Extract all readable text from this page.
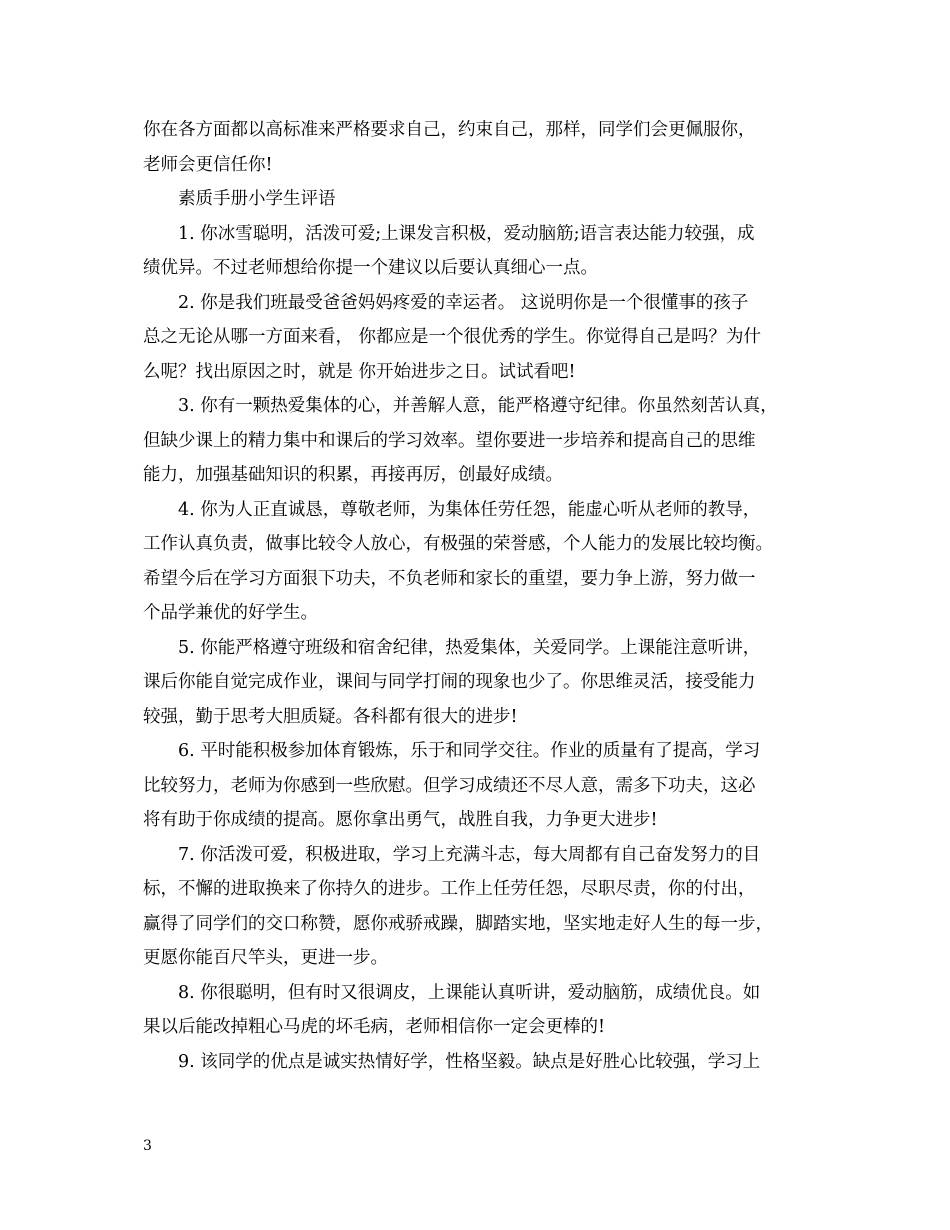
你在各方面都以高标准来严格要求自己，约束自己，那样，同学们会更佩服你，
老师会更信任你!
素质手册小学生评语
1. 你冰雪聪明，活泼可爱;上课发言积极，爱动脑筋;语言表达能力较强，成
绩优异。不过老师想给你提一个建议以后要认真细心一点。
2. 你是我们班最受爸爸妈妈疼爱的幸运者。 这说明你是一个很懂事的孩子
总之无论从哪一方面来看， 你都应是一个很优秀的学生。你觉得自己是吗？为什
么呢？找出原因之时，就是 你开始进步之日。试试看吧!
3. 你有一颗热爱集体的心，并善解人意，能严格遵守纪律。你虽然刻苦认真，
但缺少课上的精力集中和课后的学习效率。望你要进一步培养和提高自己的思维
能力，加强基础知识的积累，再接再厉，创最好成绩。
4. 你为人正直诚恳，尊敬老师，为集体任劳任怨，能虚心听从老师的教导，
工作认真负责，做事比较令人放心，有极强的荣誉感，个人能力的发展比较均衡。
希望今后在学习方面狠下功夫，不负老师和家长的重望，要力争上游，努力做一
个品学兼优的好学生。
5. 你能严格遵守班级和宿舍纪律，热爱集体，关爱同学。上课能注意听讲，
课后你能自觉完成作业，课间与同学打闹的现象也少了。你思维灵活，接受能力
较强，勤于思考大胆质疑。各科都有很大的进步!
6. 平时能积极参加体育锻炼，乐于和同学交往。作业的质量有了提高，学习
比较努力，老师为你感到一些欣慰。但学习成绩还不尽人意，需多下功夫，这必
将有助于你成绩的提高。愿你拿出勇气，战胜自我，力争更大进步!
7. 你活泼可爱，积极进取，学习上充满斗志，每大周都有自己奋发努力的目
标，不懈的进取换来了你持久的进步。工作上任劳任怨，尽职尽责，你的付出，
赢得了同学们的交口称赞，愿你戒骄戒躁，脚踏实地，坚实地走好人生的每一步，
更愿你能百尺竿头，更进一步。
8. 你很聪明，但有时又很调皮，上课能认真听讲，爱动脑筋，成绩优良。如
果以后能改掉粗心马虎的坏毛病，老师相信你一定会更棒的!
9. 该同学的优点是诚实热情好学，性格坚毅。缺点是好胜心比较强，学习上
3
